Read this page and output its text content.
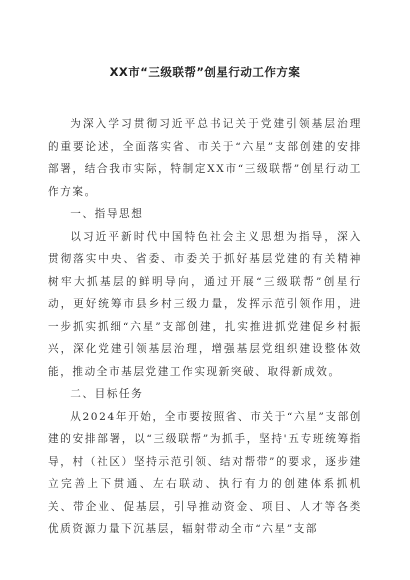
XX市“三级联帮”创星行动工作方案

为深入学习贯彻习近平总书记关于党建引领基层治理的重要论述，全面落实省、市关于“六星”支部创建的安排部署，结合我市实际，特制定XX市“三级联帮”创星行动工作方案。

一、指导思想

以习近平新时代中国特色社会主义思想为指导，深入贯彻落实中央、省委、市委关于抓好基层党建的有关精神树牢大抓基层的鲜明导向，通过开展“三级联帮”创星行动，更好统筹市县乡村三级力量，发挥示范引领作用，进一步抓实抓细“六星”支部创建，扎实推进抓党建促乡村振兴，深化党建引领基层治理，增强基层党组织建设整体效能，推动全市基层党建工作实现新突破、取得新成效。

二、目标任务

从2024年开始，全市要按照省、市关于“六星”支部创建的安排部署，以“三级联帮”为抓手，坚持'五专班统筹指导，村（社区）坚持示范引领、结对帮带”的要求，逐步建立完善上下贯通、左右联动、执行有力的创建体系抓机关、带企业、促基层，引导推动资金、项目、人才等各类优质资源力量下沉基层，辐射带动全市“六星”支部
